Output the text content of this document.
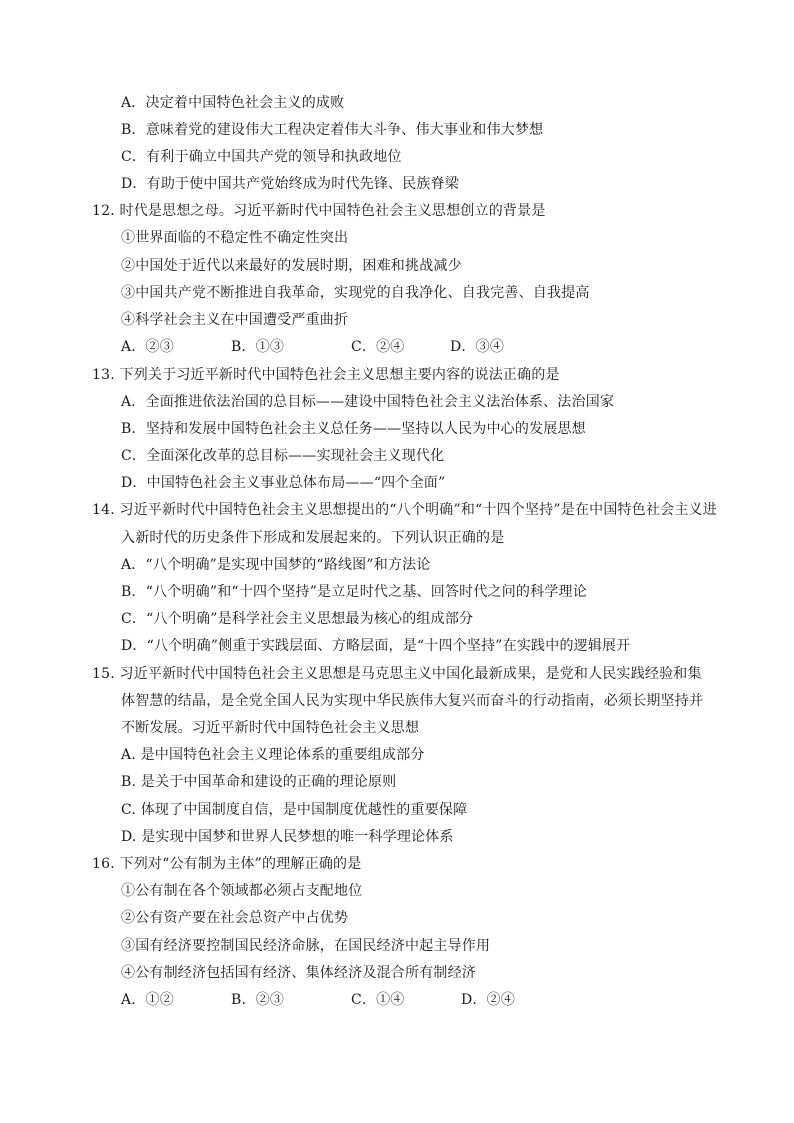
A．决定着中国特色社会主义的成败
B．意味着党的建设伟大工程决定着伟大斗争、伟大事业和伟大梦想
C．有利于确立中国共产党的领导和执政地位
D．有助于使中国共产党始终成为时代先锋、民族脊梁
12. 时代是思想之母。习近平新时代中国特色社会主义思想创立的背景是
①世界面临的不稳定性不确定性突出
②中国处于近代以来最好的发展时期，困难和挑战减少
③中国共产党不断推进自我革命，实现党的自我净化、自我完善、自我提高
④科学社会主义在中国遭受严重曲折
A．②③	B．①③	C．②④	D．③④
13. 下列关于习近平新时代中国特色社会主义思想主要内容的说法正确的是
A．全面推进依法治国的总目标——建设中国特色社会主义法治体系、法治国家
B．坚持和发展中国特色社会主义总任务——坚持以人民为中心的发展思想
C．全面深化改革的总目标——实现社会主义现代化
D．中国特色社会主义事业总体布局——“四个全面”
14. 习近平新时代中国特色社会主义思想提出的“八个明确”和“十四个坚持”是在中国特色社会主义进
入新时代的历史条件下形成和发展起来的。下列认识正确的是
A．“八个明确”是实现中国梦的“路线图”和方法论
B．“八个明确”和“十四个坚持”是立足时代之基、回答时代之问的科学理论
C．“八个明确”是科学社会主义思想最为核心的组成部分
D．“八个明确”侧重于实践层面、方略层面，是“十四个坚持”在实践中的逻辑展开
15. 习近平新时代中国特色社会主义思想是马克思主义中国化最新成果，是党和人民实践经验和集
体智慧的结晶，是全党全国人民为实现中华民族伟大复兴而奋斗的行动指南，必须长期坚持并
不断发展。习近平新时代中国特色社会主义思想
A. 是中国特色社会主义理论体系的重要组成部分
B. 是关于中国革命和建设的正确的理论原则
C. 体现了中国制度自信，是中国制度优越性的重要保障
D. 是实现中国梦和世界人民梦想的唯一科学理论体系
16. 下列对“公有制为主体”的理解正确的是
①公有制在各个领域都必须占支配地位
②公有资产要在社会总资产中占优势
③国有经济要控制国民经济命脉，在国民经济中起主导作用
④公有制经济包括国有经济、集体经济及混合所有制经济
A．①②	B．②③	C．①④	D．②④
